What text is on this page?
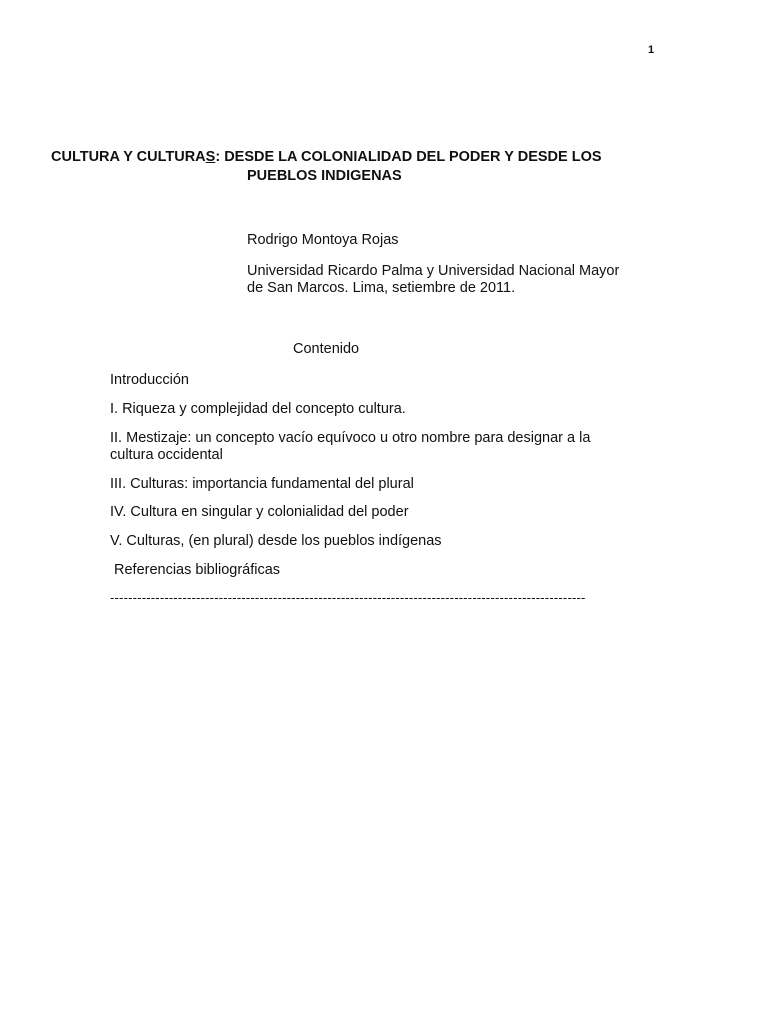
1
CULTURA Y CULTURAS: DESDE LA COLONIALIDAD DEL PODER Y DESDE LOS
PUEBLOS INDIGENAS
Rodrigo Montoya Rojas
Universidad Ricardo Palma y Universidad Nacional Mayor
de San Marcos. Lima, setiembre de 2011.
Contenido
Introducción
I. Riqueza y complejidad del concepto cultura.
II. Mestizaje: un concepto vacío equívoco u otro nombre para designar a la
cultura occidental
III. Culturas: importancia fundamental del plural
IV. Cultura en singular y colonialidad del poder
V. Culturas, (en plural) desde los pueblos indígenas
Referencias bibliográficas
---------------------------------------------------------------------------------------------------------
